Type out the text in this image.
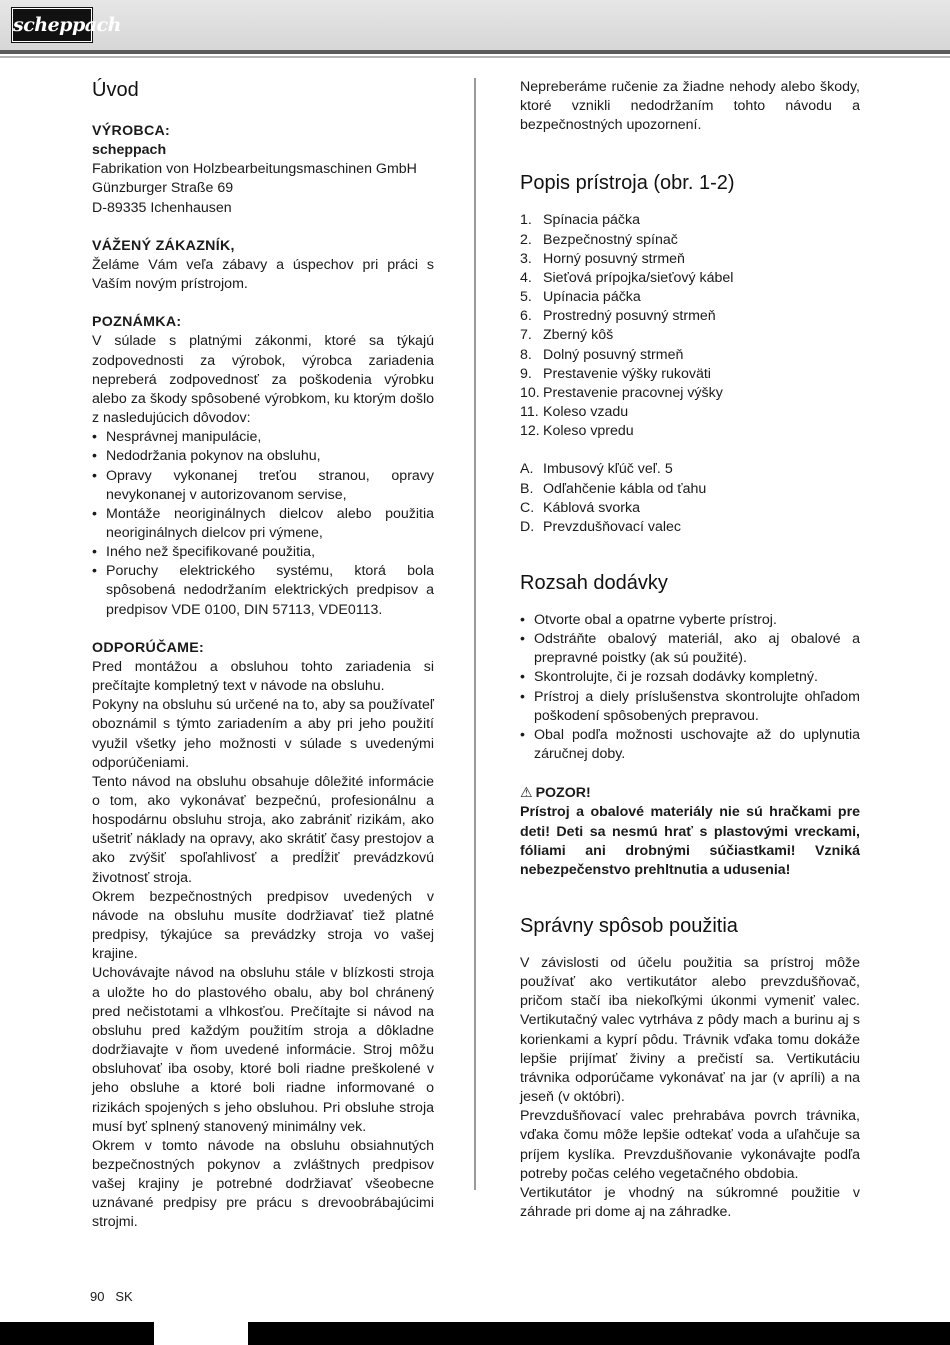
scheppach
Úvod
VÝROBCA:
scheppach
Fabrikation von Holzbearbeitungsmaschinen GmbH
Günzburger Straße 69
D-89335 Ichenhausen
VÁŽENÝ ZÁKAZNÍK,

Želáme Vám veľa zábavy a úspechov pri práci s Vaším novým prístrojom.

POZNÁMKA:

V súlade s platnými zákonmi, ktoré sa týkajú zodpovednosti za výrobok, výrobca zariadenia nepreberá zodpovednosť za poškodenia výrobku alebo za škody spôsobené výrobkom, ku ktorým došlo z nasledujúcich dôvodov:

• Nesprávnej manipulácie,
• Nedodržania pokynov na obsluhu,
• Opravy vykonanej treťou stranou, opravy nevykonanej v autorizovanom servise,
• Montáže neoriginálnych dielcov alebo použitia neoriginálnych dielcov pri výmene,
• Iného než špecifikované použitia,
• Poruchy elektrického systému, ktorá bola spôsobená nedodržaním elektrických predpisov a predpisov VDE 0100, DIN 57113, VDE0113.
ODPORÚČAME:

Pred montážou a obsluhou tohto zariadenia si prečítajte kompletný text v návode na obsluhu.

Pokyny na obsluhu sú určené na to, aby sa používateľ oboznámil s týmto zariadením a aby pri jeho použití využil všetky jeho možnosti v súlade s uvedenými odporúčeniami.

Tento návod na obsluhu obsahuje dôležité informácie o tom, ako vykonávať bezpečnú, profesionálnu a hospodárnu obsluhu stroja, ako zabrániť rizikám, ako ušetriť náklady na opravy, ako skrátiť časy prestojov a ako zvýšiť spoľahlivosť a predĺžiť prevádzkovú životnosť stroja.

Okrem bezpečnostných predpisov uvedených v návode na obsluhu musíte dodržiavať tiež platné predpisy, týkajúce sa prevádzky stroja vo vašej krajine.

Uchovávajte návod na obsluhu stále v blízkosti stroja a uložte ho do plastového obalu, aby bol chránený pred nečistotami a vlhkosťou. Prečítajte si návod na obsluhu pred každým použitím stroja a dôkladne dodržiavajte v ňom uvedené informácie. Stroj môžu obsluhovať iba osoby, ktoré boli riadne preškolené v jeho obsluhe a ktoré boli riadne informované o rizikách spojených s jeho obsluhou. Pri obsluhe stroja musí byť splnený stanovený minimálny vek.

Okrem v tomto návode na obsluhu obsiahnutých bezpečnostných pokynov a zvláštnych predpisov vašej krajiny je potrebné dodržiavať všeobecne uznávané predpisy pre prácu s drevoobrábajúcimi strojmi.

Nepreberáme ručenie za žiadne nehody alebo škody, ktoré vznikli nedodržaním tohto návodu a bezpečnostných upozornení.

Popis prístroja (obr. 1-2)
1. Spínacia páčka
2. Bezpečnostný spínač
3. Horný posuvný strmeň
4. Sieťová prípojka/sieťový kábel
5. Upínacia páčka
6. Prostredný posuvný strmeň
7. Zberný kôš
8. Dolný posuvný strmeň
9. Prestavenie výšky rukoväti
10. Prestavenie pracovnej výšky
11. Koleso vzadu
12. Koleso vpredu
A. Imbusový kľúč veľ. 5
B. Odľahčenie kábla od ťahu
C. Káblová svorka
D. Prevzdušňovací valec
Rozsah dodávky
• Otvorte obal a opatrne vyberte prístroj.
• Odstráňte obalový materiál, ako aj obalové a prepravné poistky (ak sú použité).
• Skontrolujte, či je rozsah dodávky kompletný.
• Prístroj a diely príslušenstva skontrolujte ohľadom poškodení spôsobených prepravou.
• Obal podľa možnosti uschovajte až do uplynutia záručnej doby.
⚠ POZOR!

Prístroj a obalové materiály nie sú hračkami pre deti! Deti sa nesmú hrať s plastovými vreckami, fóliami ani drobnými súčiastkami! Vzniká nebezpečenstvo prehltnutia a udusenia!

Správny spôsob použitia

V závislosti od účelu použitia sa prístroj môže používať ako vertikutátor alebo prevzdušňovač, pričom stačí iba niekoľkými úkonmi vymeniť valec. Vertikutačný valec vytrháva z pôdy mach a burinu aj s korienkami a kyprí pôdu. Trávnik vďaka tomu dokáže lepšie prijímať živiny a prečistí sa. Vertikutáciu trávnika odporúčame vykonávať na jar (v apríli) a na jeseň (v októbri).

Prevzdušňovací valec prehrabáva povrch trávnika, vďaka čomu môže lepšie odtekať voda a uľahčuje sa príjem kyslíka. Prevzdušňovanie vykonávajte podľa potreby počas celého vegetačného obdobia.

Vertikutátor je vhodný na súkromné použitie v záhrade pri dome aj na záhradke.

90 SK
